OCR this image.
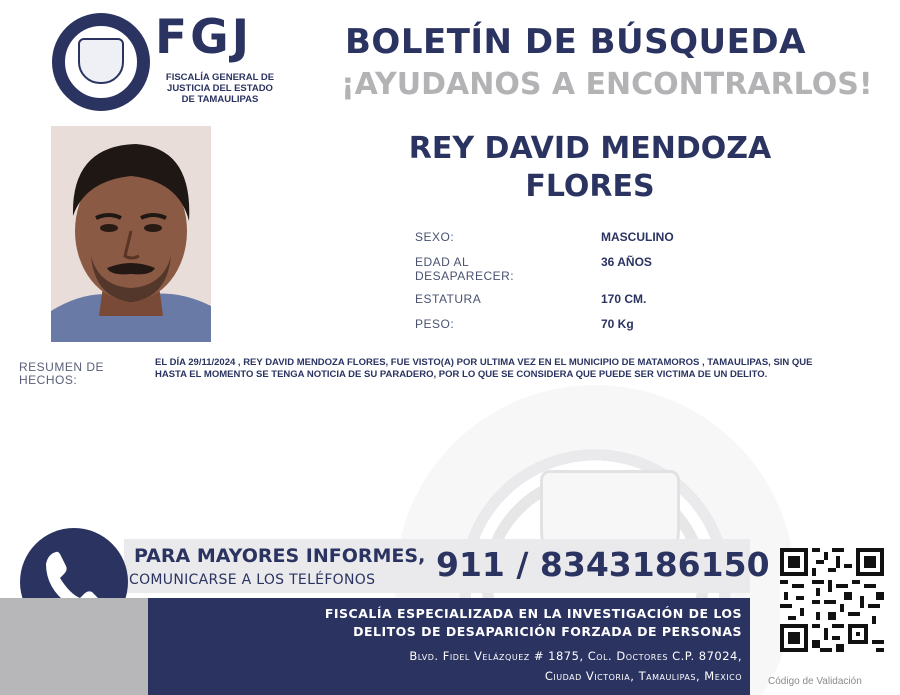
FGJ
FISCALÍA GENERAL DE
JUSTICIA DEL ESTADO
DE TAMAULIPAS
BOLETÍN DE BÚSQUEDA
¡AYUDANOS A ENCONTRARLOS!
REY DAVID MENDOZA FLORES
SEXO:	MASCULINO
EDAD AL DESAPARECER:
36 AÑOS
ESTATURA	170 CM.
PESO:	70 Kg
RESUMEN DE
HECHOS:
EL DÍA 29/11/2024 , REY DAVID MENDOZA FLORES, FUE VISTO(A) POR ULTIMA VEZ EN EL MUNICIPIO DE MATAMOROS , TAMAULIPAS, SIN QUE HASTA EL MOMENTO SE TENGA NOTICIA DE SU PARADERO, POR LO QUE SE CONSIDERA QUE PUEDE SER VICTIMA DE UN DELITO.
PARA MAYORES INFORMES,
COMUNICARSE A LOS TELÉFONOS 911 / 8343186150
FISCALÍA ESPECIALIZADA EN LA INVESTIGACIÓN DE LOS
DELITOS DE DESAPARICIÓN FORZADA DE PERSONAS
Blvd. Fidel Velázquez # 1875, Col. Doctores C.P. 87024,
Ciudad Victoria, Tamaulipas, Mexico	Código de Validación
